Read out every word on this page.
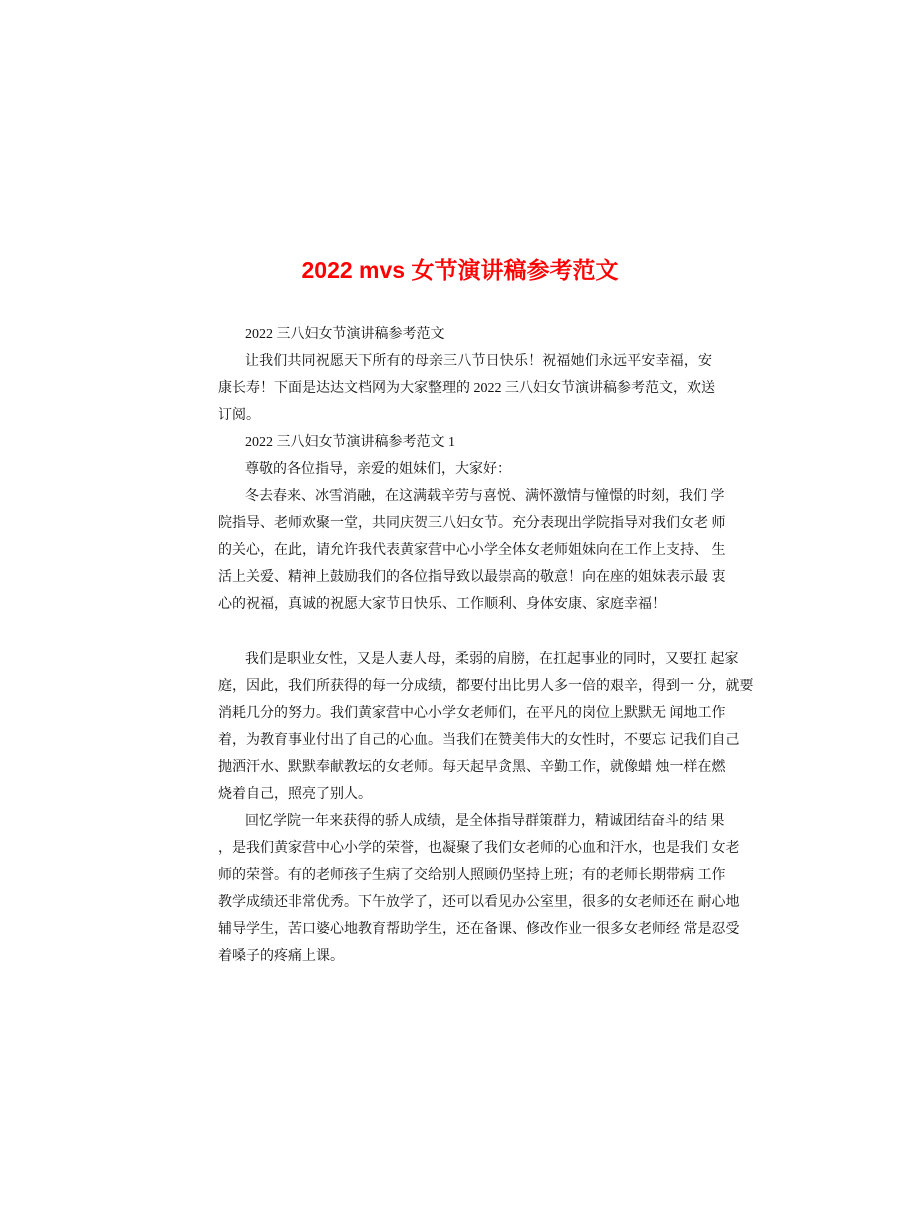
2022 mvs 女节演讲稿参考范文
2022 三八妇女节演讲稿参考范文
让我们共同祝愿天下所有的母亲三八节日快乐！祝福她们永远平安幸福，安
康长寿！下面是达达文档网为大家整理的 2022 三八妇女节演讲稿参考范文，欢送
订阅。
2022 三八妇女节演讲稿参考范文 1
尊敬的各位指导，亲爱的姐妹们，大家好：
冬去春来、冰雪消融，在这满载辛劳与喜悦、满怀激情与憧憬的时刻，我们 学
院指导、老师欢聚一堂，共同庆贺三八妇女节。充分表现出学院指导对我们女老 师
的关心，在此，请允许我代表黄家营中心小学全体女老师姐妹向在工作上支持、 生
活上关爱、精神上鼓励我们的各位指导致以最崇高的敬意！向在座的姐妹表示最 衷
心的祝福，真诚的祝愿大家节日快乐、工作顺利、身体安康、家庭幸福！
我们是职业女性，又是人妻人母，柔弱的肩膀，在扛起事业的同时，又要扛 起家
庭，因此，我们所获得的每一分成绩，都要付出比男人多一倍的艰辛，得到一 分，就要
消耗几分的努力。我们黄家营中心小学女老师们，在平凡的岗位上默默无 闻地工作
着，为教育事业付出了自己的心血。当我们在赞美伟大的女性时，不要忘 记我们自己
抛洒汗水、默默奉献教坛的女老师。每天起早贪黑、辛勤工作，就像蜡 烛一样在燃
烧着自己，照亮了别人。
回忆学院一年来获得的骄人成绩，是全体指导群策群力，精诚团结奋斗的结 果
，是我们黄家营中心小学的荣誉，也凝聚了我们女老师的心血和汗水，也是我们 女老
师的荣誉。有的老师孩子生病了交给别人照顾仍坚持上班；有的老师长期带病 工作
教学成绩还非常优秀。下午放学了，还可以看见办公室里，很多的女老师还在 耐心地
辅导学生，苦口婆心地教育帮助学生，还在备课、修改作业一很多女老师经 常是忍受
着嗓子的疼痛上课。
